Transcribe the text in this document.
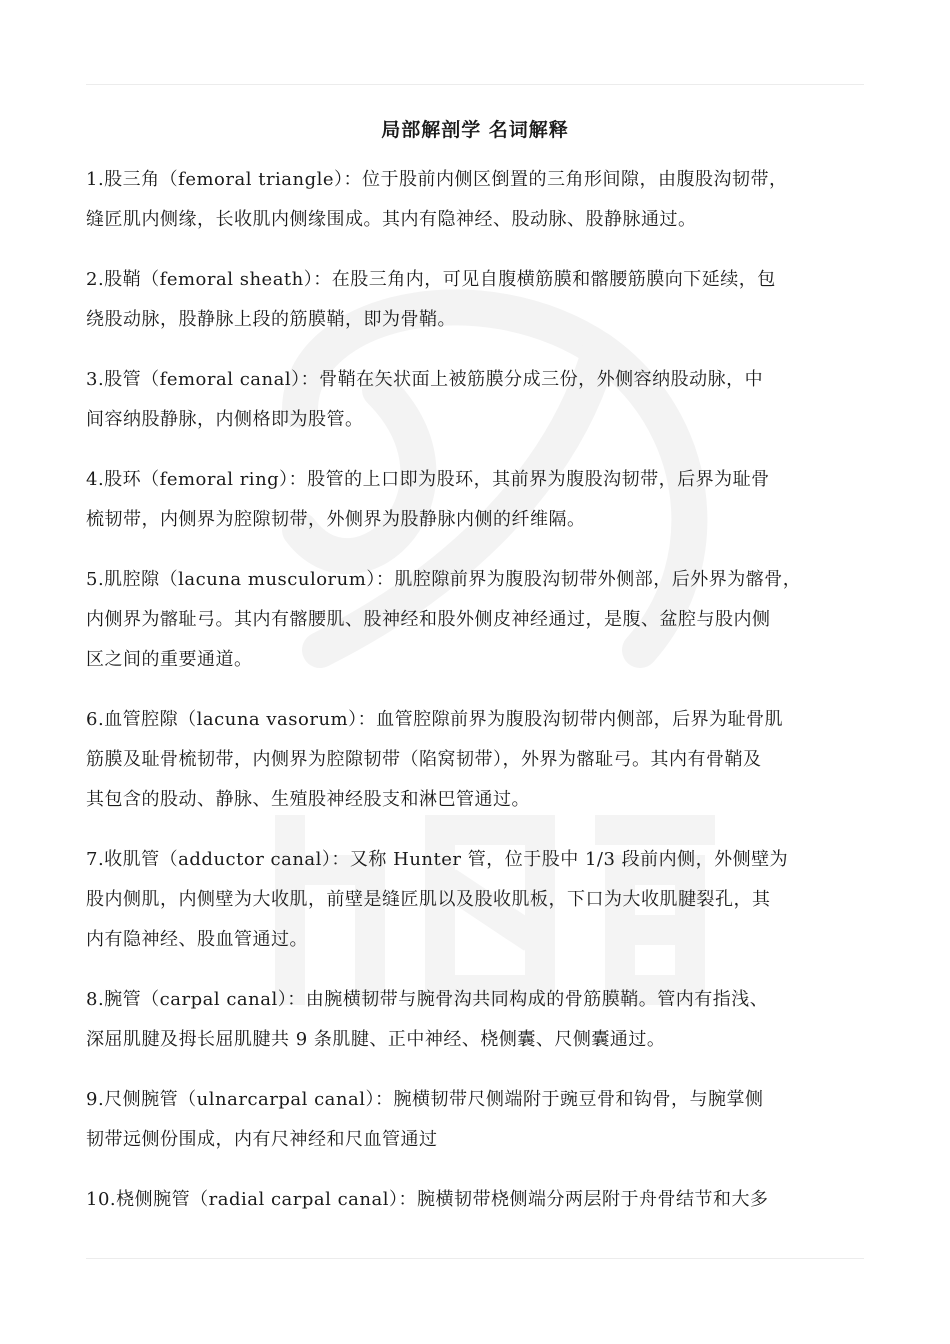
局部解剖学 名词解释
1.股三角（femoral triangle）：位于股前内侧区倒置的三角形间隙，由腹股沟韧带，
缝匠肌内侧缘，长收肌内侧缘围成。其内有隐神经、股动脉、股静脉通过。
2.股鞘（femoral sheath）：在股三角内，可见自腹横筋膜和髂腰筋膜向下延续，包
绕股动脉，股静脉上段的筋膜鞘，即为骨鞘。
3.股管（femoral canal）：骨鞘在矢状面上被筋膜分成三份，外侧容纳股动脉，中
间容纳股静脉，内侧格即为股管。
4.股环（femoral ring）：股管的上口即为股环，其前界为腹股沟韧带，后界为耻骨
梳韧带，内侧界为腔隙韧带，外侧界为股静脉内侧的纤维隔。
5.肌腔隙（lacuna musculorum）：肌腔隙前界为腹股沟韧带外侧部，后外界为髂骨，
内侧界为髂耻弓。其内有髂腰肌、股神经和股外侧皮神经通过，是腹、盆腔与股内侧
区之间的重要通道。
6.血管腔隙（lacuna vasorum）：血管腔隙前界为腹股沟韧带内侧部，后界为耻骨肌
筋膜及耻骨梳韧带，内侧界为腔隙韧带（陷窝韧带），外界为髂耻弓。其内有骨鞘及
其包含的股动、静脉、生殖股神经股支和淋巴管通过。
7.收肌管（adductor canal）：又称 Hunter 管，位于股中 1/3 段前内侧，外侧壁为
股内侧肌，内侧壁为大收肌，前壁是缝匠肌以及股收肌板，下口为大收肌腱裂孔，其
内有隐神经、股血管通过。
8.腕管（carpal canal）：由腕横韧带与腕骨沟共同构成的骨筋膜鞘。管内有指浅、
深屈肌腱及拇长屈肌腱共 9 条肌腱、正中神经、桡侧囊、尺侧囊通过。
9.尺侧腕管（ulnarcarpal canal）：腕横韧带尺侧端附于豌豆骨和钩骨，与腕掌侧
韧带远侧份围成，内有尺神经和尺血管通过
10.桡侧腕管（radial carpal canal）：腕横韧带桡侧端分两层附于舟骨结节和大多
